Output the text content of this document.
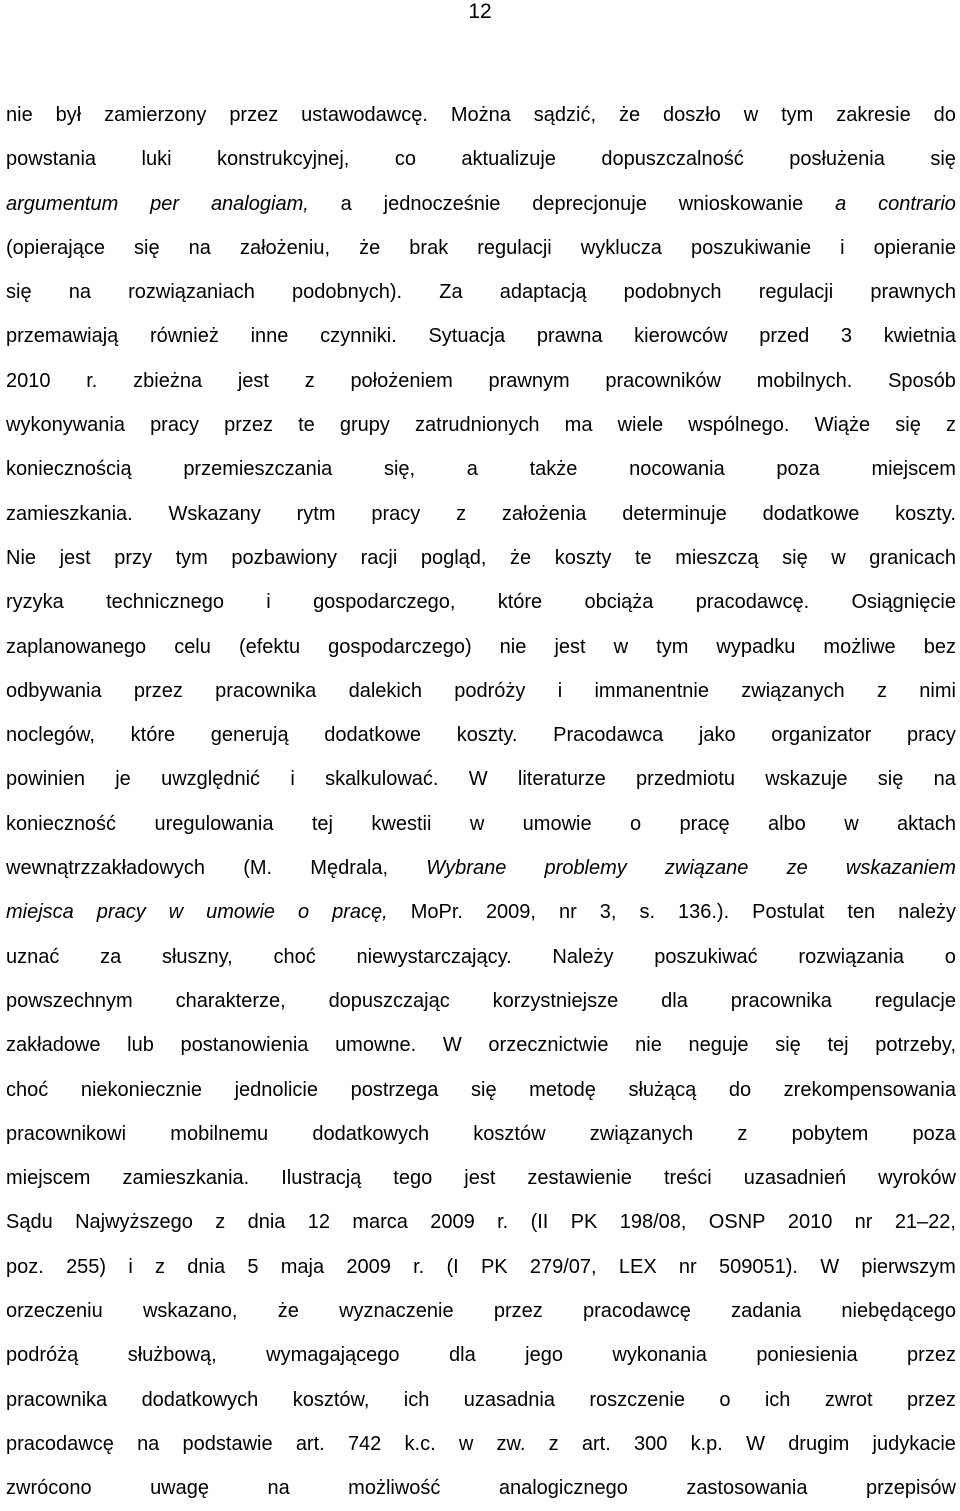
12
nie był zamierzony przez ustawodawcę. Można sądzić, że doszło w tym zakresie do
powstania luki konstrukcyjnej, co aktualizuje dopuszczalność posłużenia się
argumentum per analogiam, a jednocześnie deprecjonuje wnioskowanie a contrario
(opierające się na założeniu, że brak regulacji wyklucza poszukiwanie i opieranie
się na rozwiązaniach podobnych). Za adaptacją podobnych regulacji prawnych
przemawiają również inne czynniki. Sytuacja prawna kierowców przed 3 kwietnia
2010 r. zbieżna jest z położeniem prawnym pracowników mobilnych. Sposób
wykonywania pracy przez te grupy zatrudnionych ma wiele wspólnego. Wiąże się z
koniecznością	przemieszczania	się,	a	także	nocowania	poza	miejscem
zamieszkania. Wskazany rytm pracy z założenia determinuje dodatkowe koszty.
Nie jest przy tym pozbawiony racji pogląd, że koszty te mieszczą się w granicach
ryzyka technicznego i gospodarczego, które obciąża pracodawcę. Osiągnięcie
zaplanowanego celu (efektu gospodarczego) nie jest w tym wypadku możliwe bez
odbywania przez pracownika dalekich podróży i immanentnie związanych z nimi
noclegów, które generują dodatkowe koszty. Pracodawca jako organizator pracy
powinien je uwzględnić i skalkulować. W literaturze przedmiotu wskazuje się na
konieczność uregulowania tej kwestii w umowie o pracę albo w aktach
wewnątrzzakładowych (M. Mędrala, Wybrane problemy związane ze wskazaniem
miejsca pracy w umowie o pracę, MoPr. 2009, nr 3, s. 136.). Postulat ten należy
uznać za słuszny, choć niewystarczający. Należy poszukiwać rozwiązania o
powszechnym charakterze, dopuszczając korzystniejsze dla pracownika regulacje
zakładowe lub postanowienia umowne. W orzecznictwie nie neguje się tej potrzeby,
choć niekoniecznie jednolicie postrzega się metodę służącą do zrekompensowania
pracownikowi mobilnemu dodatkowych kosztów związanych z pobytem poza
miejscem zamieszkania. Ilustracją tego jest zestawienie treści uzasadnień wyroków
Sądu Najwyższego z dnia 12 marca 2009 r. (II PK 198/08, OSNP 2010 nr 21–22,
poz. 255) i z dnia 5 maja 2009 r. (I PK 279/07, LEX nr 509051). W pierwszym
orzeczeniu wskazano, że wyznaczenie przez pracodawcę zadania niebędącego
podróżą służbową, wymagającego dla jego wykonania poniesienia przez
pracownika dodatkowych kosztów, ich uzasadnia roszczenie o ich zwrot przez
pracodawcę na podstawie art. 742 k.c. w zw. z art. 300 k.p. W drugim judykacie
zwrócono	uwagę	na	możliwość	analogicznego	zastosowania	przepisów
